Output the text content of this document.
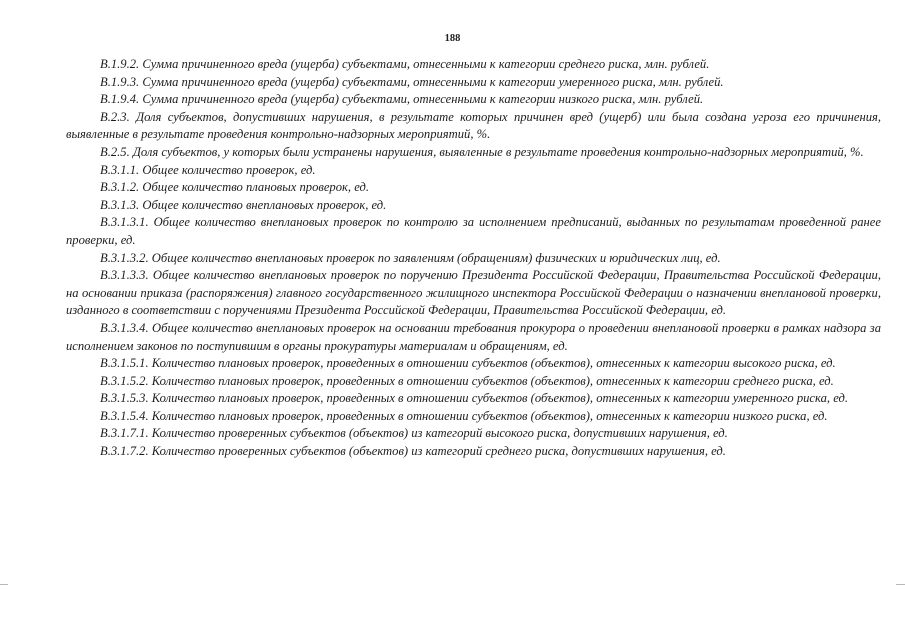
188

В.1.9.2. Сумма причиненного вреда (ущерба) субъектами, отнесенными к категории среднего риска, млн. рублей.

В.1.9.3. Сумма причиненного вреда (ущерба) субъектами, отнесенными к категории умеренного риска, млн. рублей.

В.1.9.4. Сумма причиненного вреда (ущерба) субъектами, отнесенными к категории низкого риска, млн. рублей.

В.2.3. Доля субъектов, допустивших нарушения, в результате которых причинен вред (ущерб) или была создана угроза его причинения, выявленные в результате проведения контрольно-надзорных мероприятий, %.

В.2.5. Доля субъектов, у которых были устранены нарушения, выявленные в результате проведения контрольно-надзорных мероприятий, %.

В.3.1.1. Общее количество проверок, ед.

В.3.1.2. Общее количество плановых проверок, ед.

В.3.1.3. Общее количество внеплановых проверок, ед.

В.3.1.3.1. Общее количество внеплановых проверок по контролю за исполнением предписаний, выданных по результатам проведенной ранее проверки, ед.

В.3.1.3.2. Общее количество внеплановых проверок по заявлениям (обращениям) физических и юридических лиц, ед.

В.3.1.3.3. Общее количество внеплановых проверок по поручению Президента Российской Федерации, Правительства Российской Федерации, на основании приказа (распоряжения) главного государственного жилищного инспектора Российской Федерации о назначении внеплановой проверки, изданного в соответствии с поручениями Президента Российской Федерации, Правительства Российской Федерации, ед.

В.3.1.3.4. Общее количество внеплановых проверок на основании требования прокурора о проведении внеплановой проверки в рамках надзора за исполнением законов по поступившим в органы прокуратуры материалам и обращениям, ед.

В.3.1.5.1. Количество плановых проверок, проведенных в отношении субъектов (объектов), отнесенных к категории высокого риска, ед.

В.3.1.5.2. Количество плановых проверок, проведенных в отношении субъектов (объектов), отнесенных к категории среднего риска, ед.

В.3.1.5.3. Количество плановых проверок, проведенных в отношении субъектов (объектов), отнесенных к категории умеренного риска, ед.

В.3.1.5.4. Количество плановых проверок, проведенных в отношении субъектов (объектов), отнесенных к категории низкого риска, ед.

В.3.1.7.1. Количество проверенных субъектов (объектов) из категорий высокого риска, допустивших нарушения, ед.

В.3.1.7.2. Количество проверенных субъектов (объектов) из категорий среднего риска, допустивших нарушения, ед.
